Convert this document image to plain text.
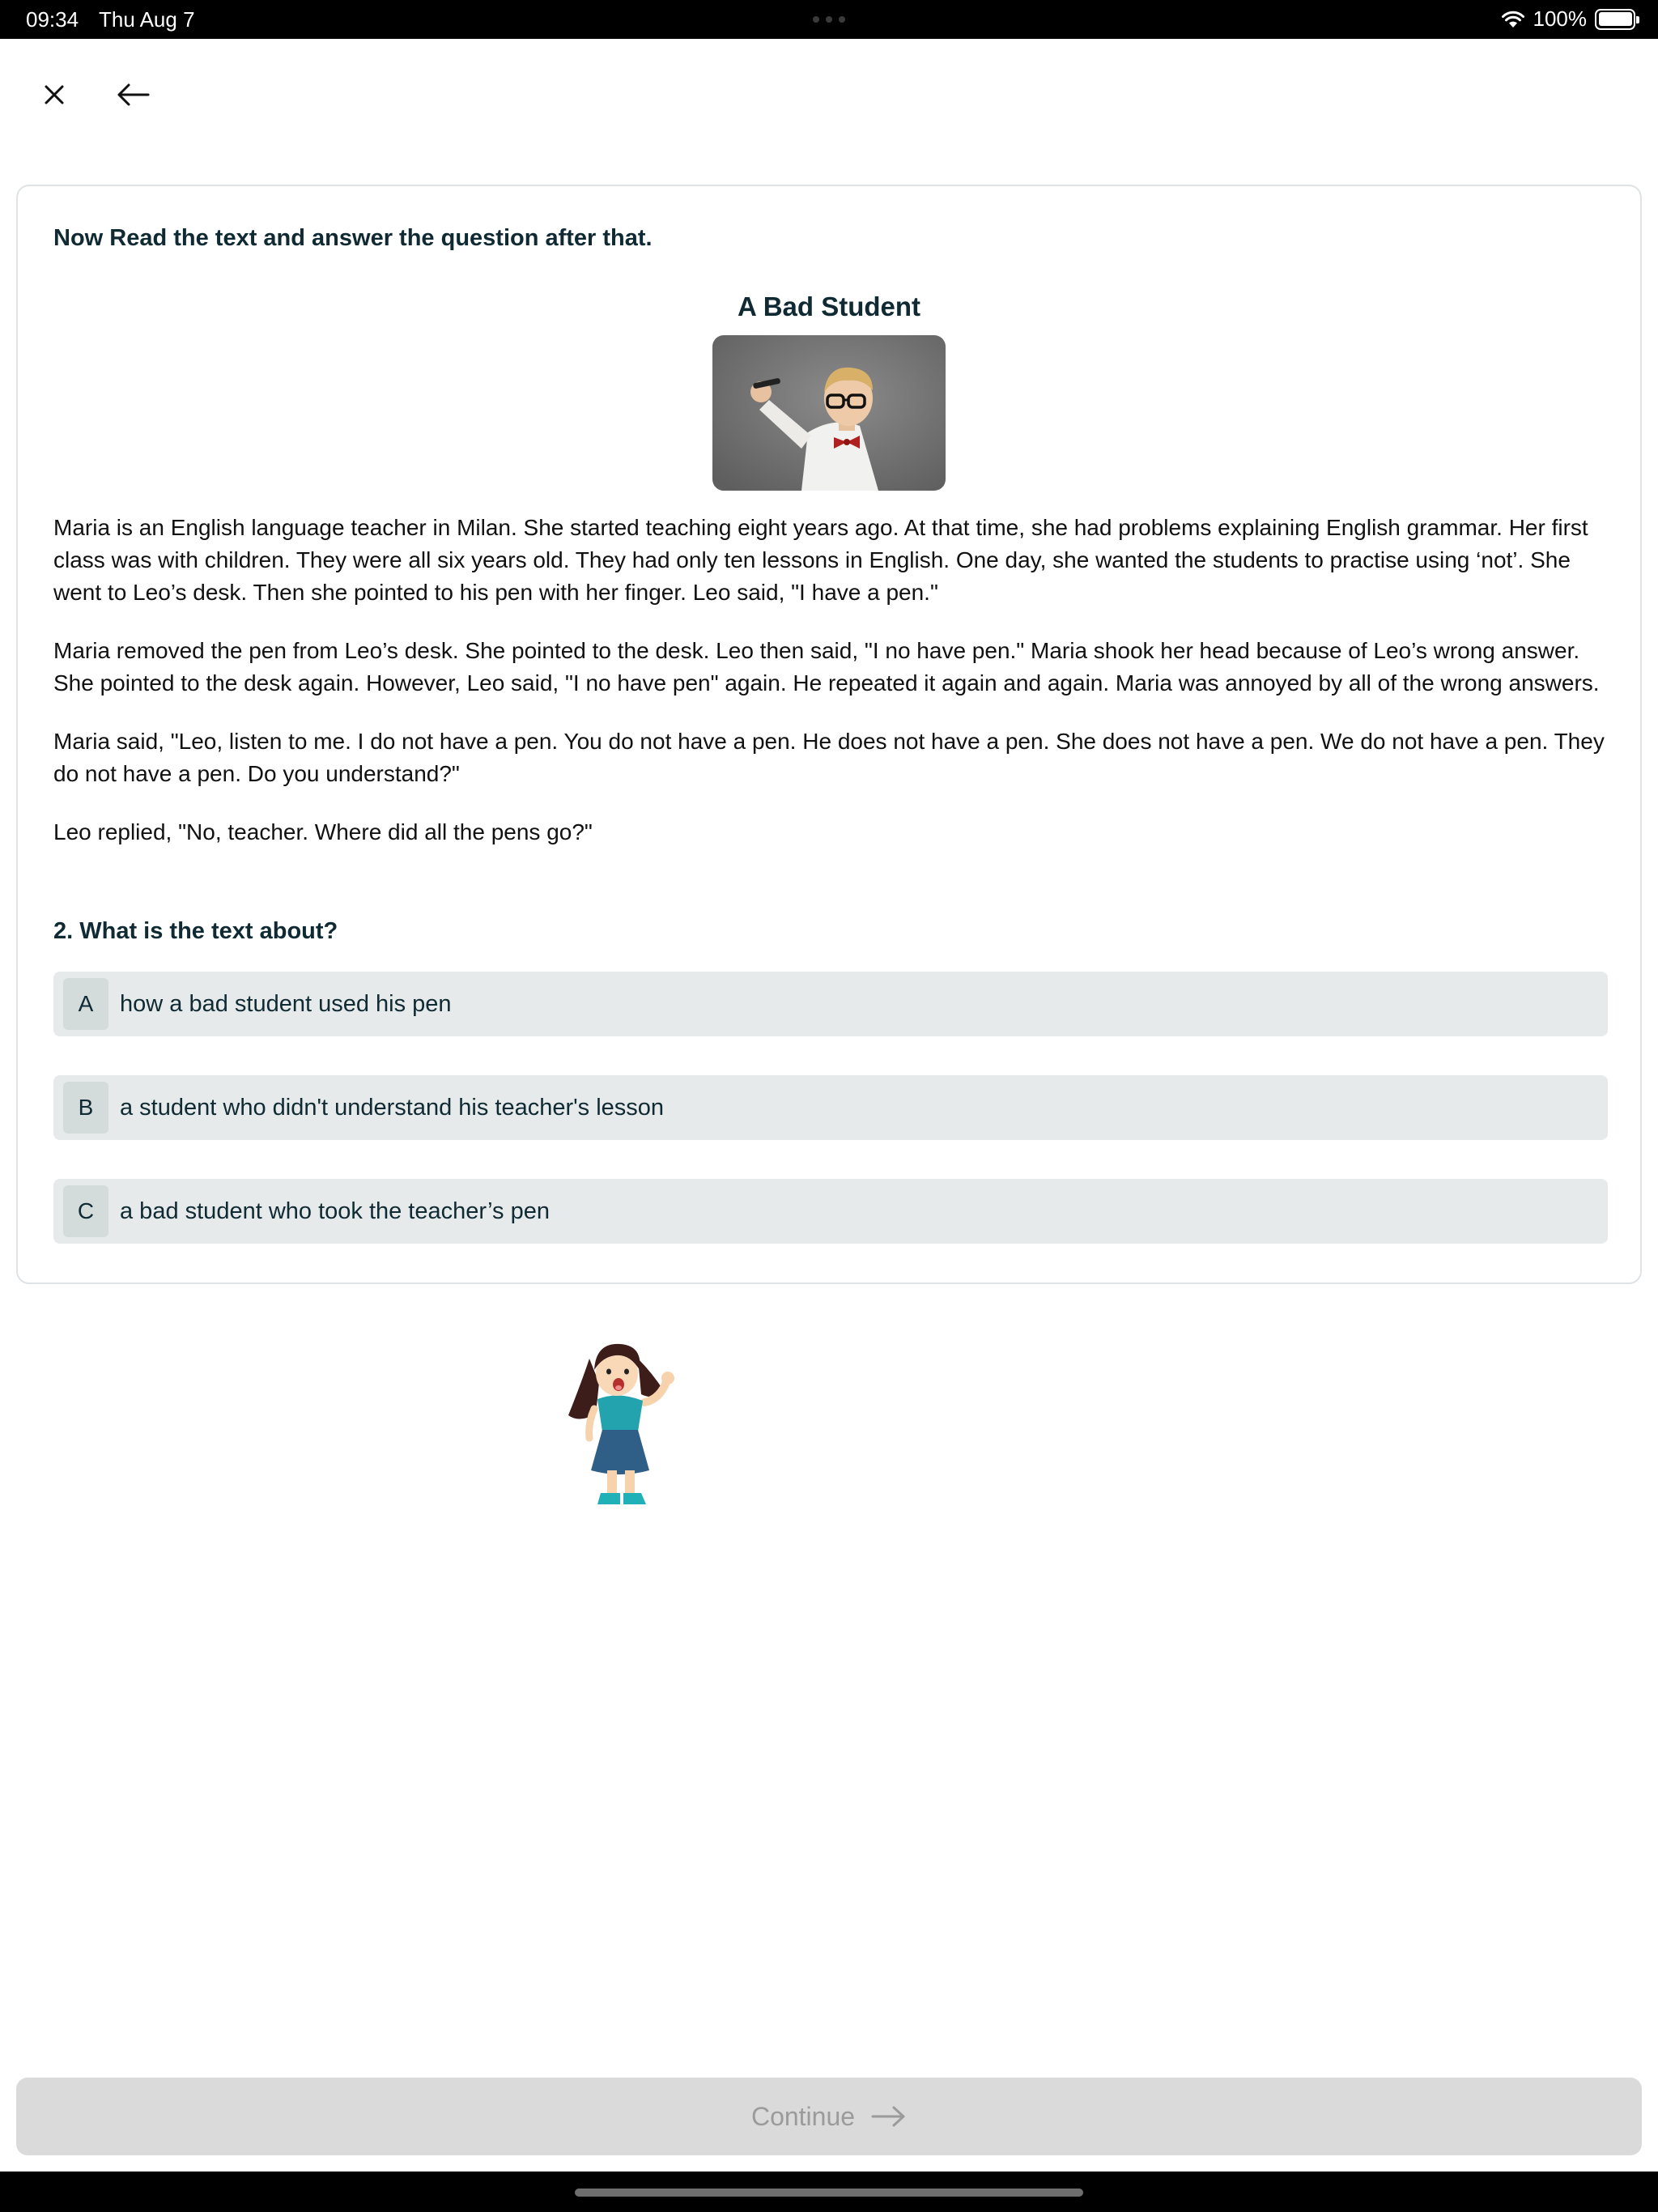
09:34 Thu Aug 7	100%
Now Read the text and answer the question after that.
A Bad Student

Maria is an English language teacher in Milan. She started teaching eight years ago. At that time, she had problems explaining English grammar. Her first class was with children. They were all six years old. They had only ten lessons in English. One day, she wanted the students to practise using ‘not’. She went to Leo’s desk. Then she pointed to his pen with her finger. Leo said, "I have a pen."

Maria removed the pen from Leo’s desk. She pointed to the desk. Leo then said, "I no have pen." Maria shook her head because of Leo’s wrong answer. She pointed to the desk again. However, Leo said, "I no have pen" again. He repeated it again and again. Maria was annoyed by all of the wrong answers.

Maria said, "Leo, listen to me. I do not have a pen. You do not have a pen. He does not have a pen. She does not have a pen. We do not have a pen. They do not have a pen. Do you understand?"

Leo replied, "No, teacher. Where did all the pens go?"

2. What is the text about?
A	how a bad student used his pen
B	a student who didn't understand his teacher's lesson
C	a bad student who took the teacher’s pen
Continue
